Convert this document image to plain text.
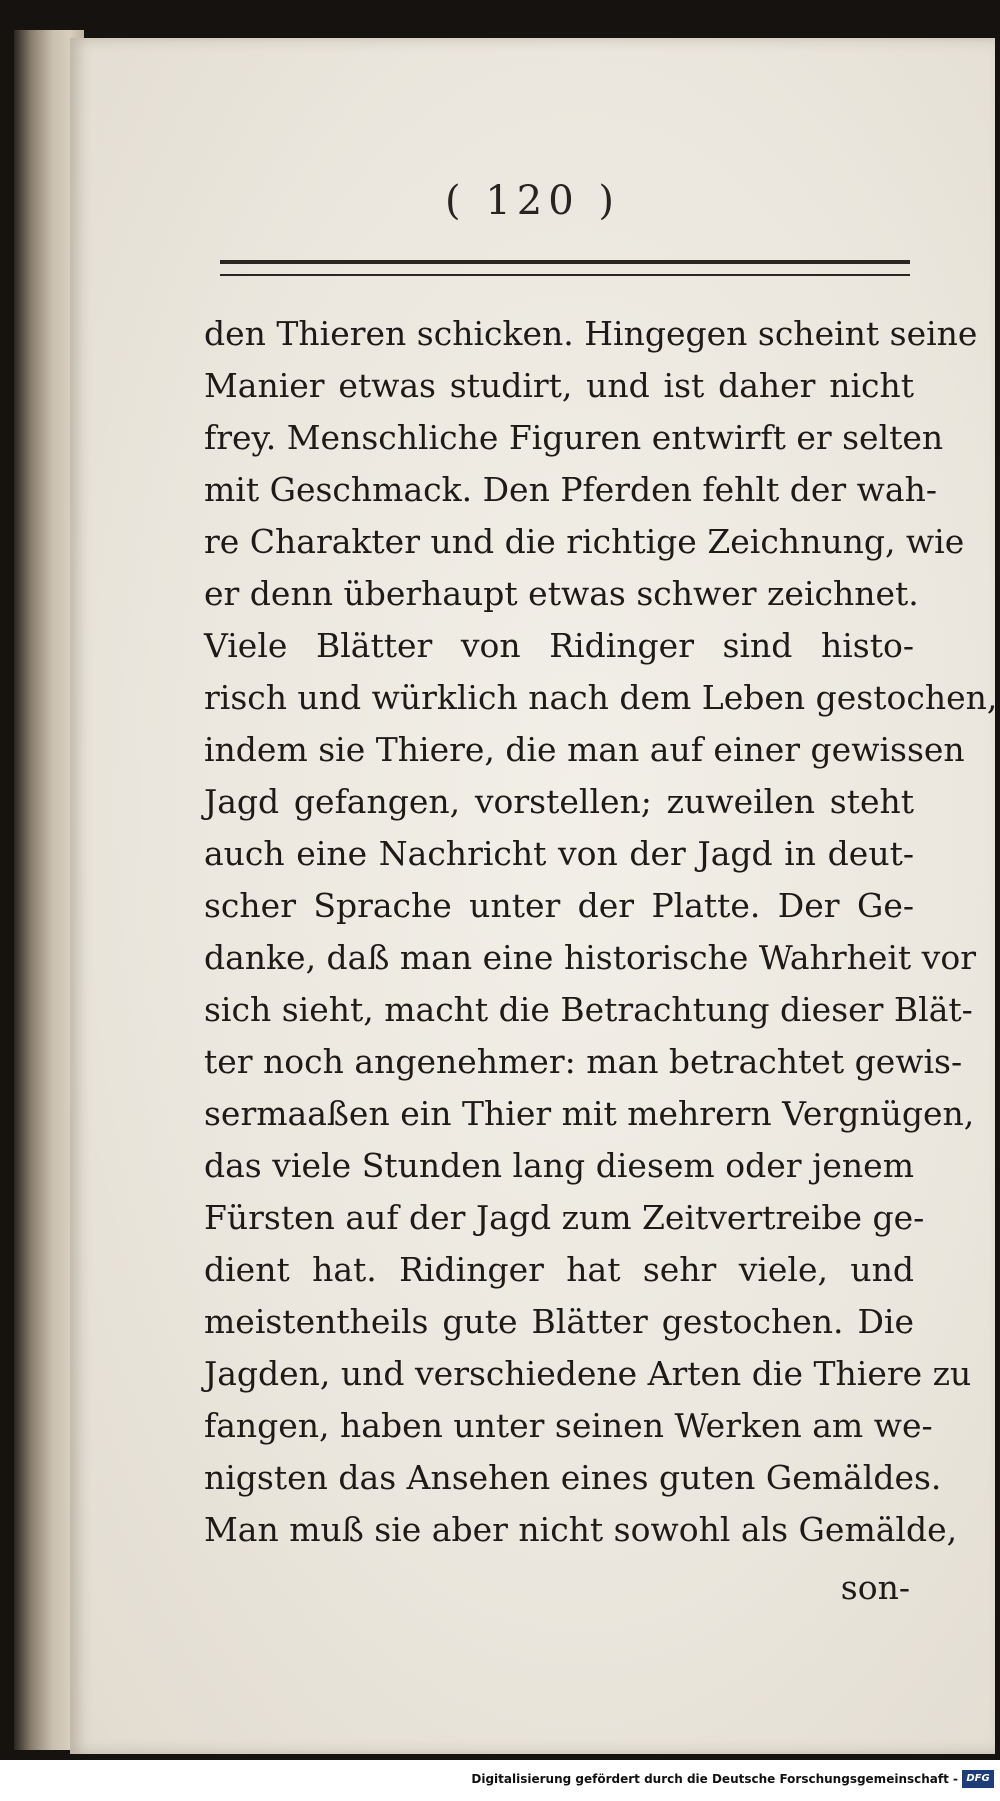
( 120 )
den Thieren schicken. Hingegen scheint seine
Manier etwas studirt, und ist daher nicht
frey. Menschliche Figuren entwirft er selten
mit Geschmack. Den Pferden fehlt der wah-
re Charakter und die richtige Zeichnung, wie
er denn überhaupt etwas schwer zeichnet.
Viele Blätter von Ridinger sind histo-
risch und würklich nach dem Leben gestochen,
indem sie Thiere, die man auf einer gewissen
Jagd gefangen, vorstellen; zuweilen steht
auch eine Nachricht von der Jagd in deut-
scher Sprache unter der Platte. Der Ge-
danke, daß man eine historische Wahrheit vor
sich sieht, macht die Betrachtung dieser Blät-
ter noch angenehmer: man betrachtet gewis-
sermaaßen ein Thier mit mehrern Vergnügen,
das viele Stunden lang diesem oder jenem
Fürsten auf der Jagd zum Zeitvertreibe ge-
dient hat. Ridinger hat sehr viele, und
meistentheils gute Blätter gestochen. Die
Jagden, und verschiedene Arten die Thiere zu
fangen, haben unter seinen Werken am we-
nigsten das Ansehen eines guten Gemäldes.
Man muß sie aber nicht sowohl als Gemälde,
son-
Digitalisierung gefördert durch die Deutsche Forschungsgemeinschaft - DFG
